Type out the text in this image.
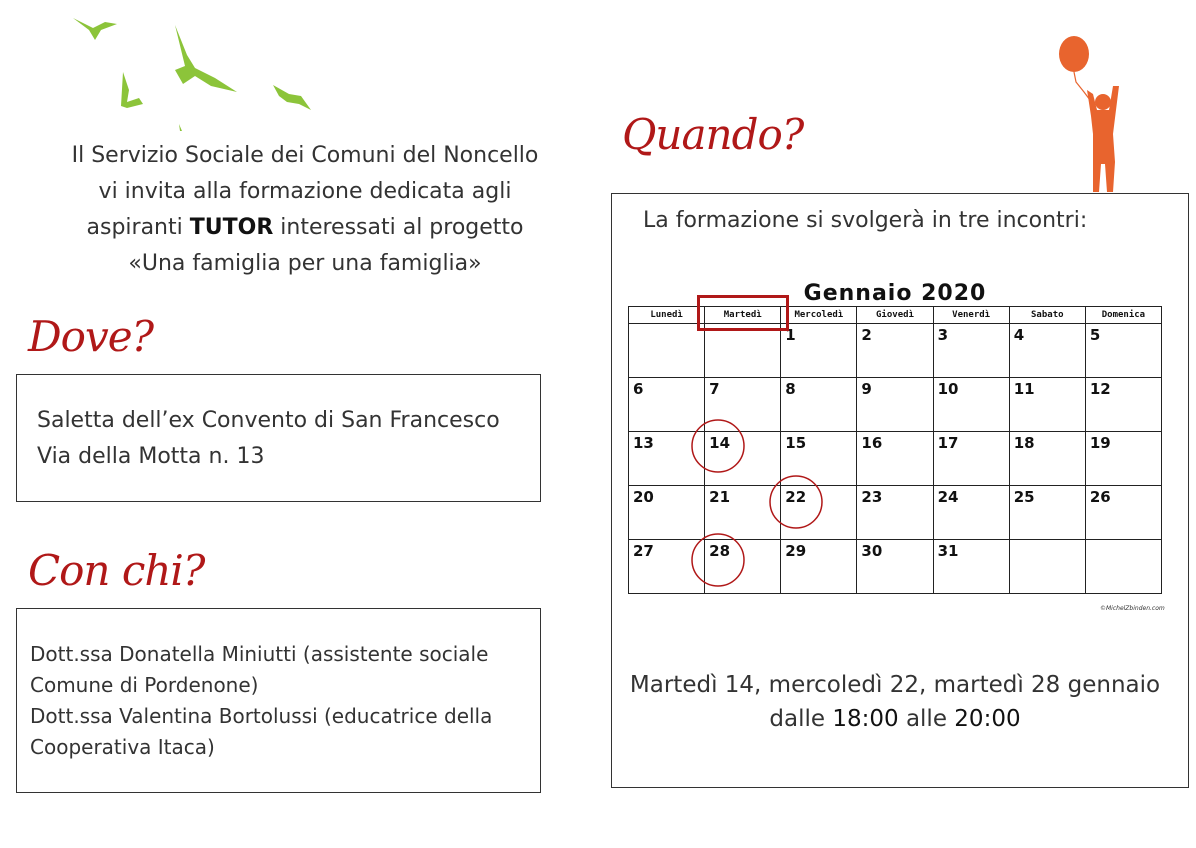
Il Servizio Sociale dei Comuni del Noncello
vi invita alla formazione dedicata agli
aspiranti TUTOR interessati al progetto
«Una famiglia per una famiglia»
Dove?
Saletta dell’ex Convento di San Francesco
Via della Motta n. 13
Con chi?
Dott.ssa Donatella Miniutti (assistente sociale
Comune di Pordenone)
Dott.ssa Valentina Bortolussi (educatrice della
Cooperativa Itaca)
Quando?
La formazione si svolgerà in tre incontri:
Gennaio 2020
Lunedì	Martedì	Mercoledì	Giovedì	Venerdì	Sabato	Domenica
		1	2	3	4	5
6	7	8	9	10	11	12
13	14	15	16	17	18	19
20	21	22	23	24	25	26
27	28	29	30	31		
©MichelZbinden.com
Martedì 14, mercoledì 22, martedì 28 gennaio
dalle 18:00 alle 20:00
